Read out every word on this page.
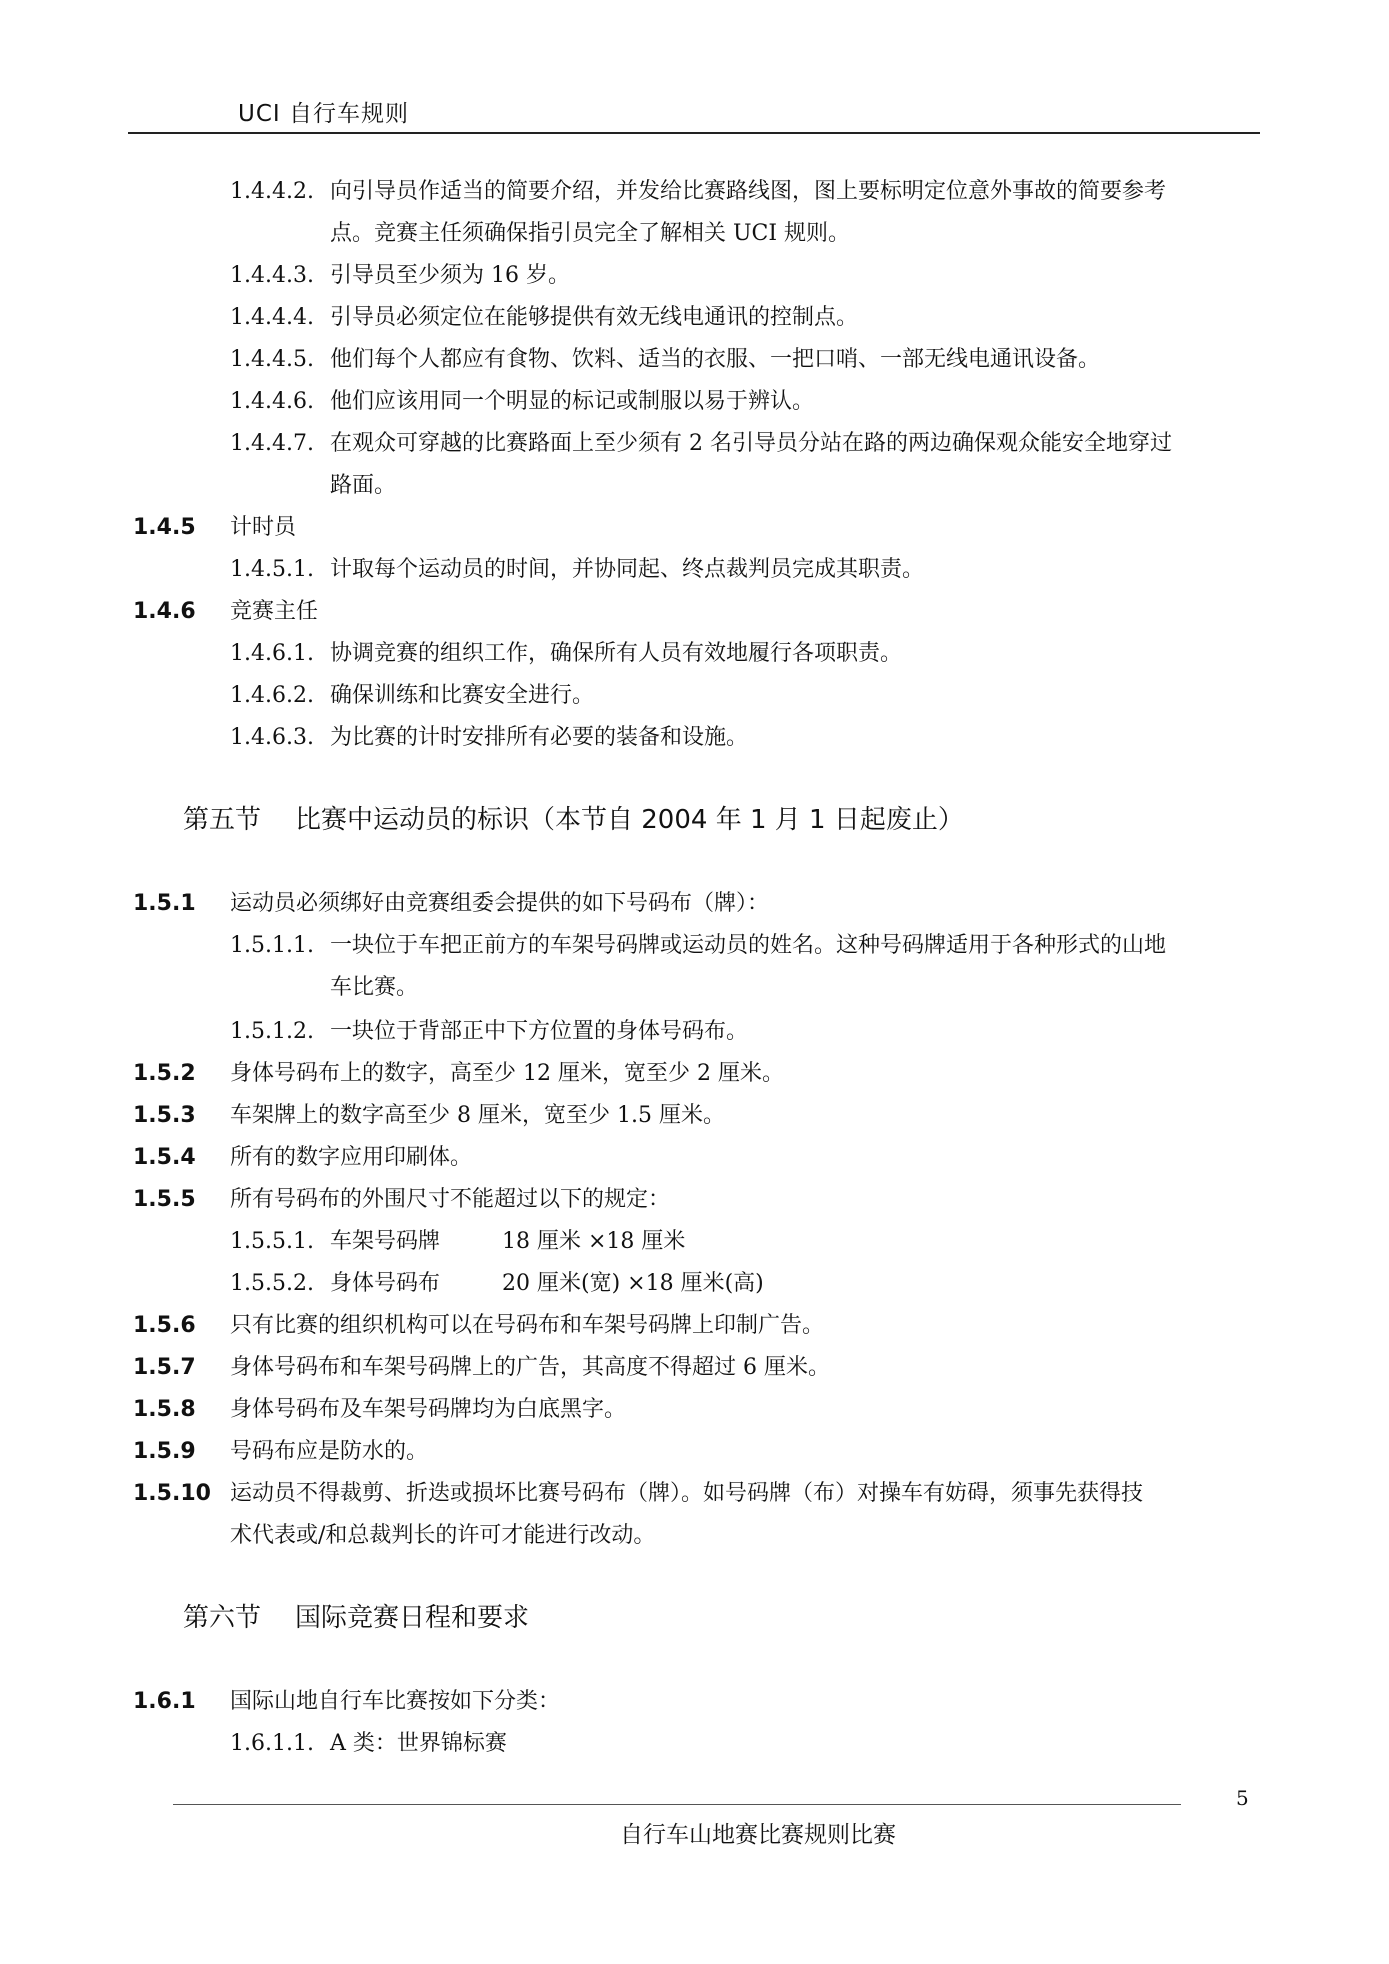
UCI 自行车规则
1.4.4.2. 向引导员作适当的简要介绍，并发给比赛路线图，图上要标明定位意外事故的简要参考
点。竞赛主任须确保指引员完全了解相关 UCI 规则。
1.4.4.3. 引导员至少须为 16 岁。
1.4.4.4. 引导员必须定位在能够提供有效无线电通讯的控制点。
1.4.4.5. 他们每个人都应有食物、饮料、适当的衣服、一把口哨、一部无线电通讯设备。
1.4.4.6. 他们应该用同一个明显的标记或制服以易于辨认。
1.4.4.7. 在观众可穿越的比赛路面上至少须有 2 名引导员分站在路的两边确保观众能安全地穿过
路面。
1.4.5 计时员
1.4.5.1. 计取每个运动员的时间，并协同起、终点裁判员完成其职责。
1.4.6 竞赛主任
1.4.6.1. 协调竞赛的组织工作，确保所有人员有效地履行各项职责。
1.4.6.2. 确保训练和比赛安全进行。
1.4.6.3. 为比赛的计时安排所有必要的装备和设施。
第五节 比赛中运动员的标识（本节自 2004 年 1 月 1 日起废止）
1.5.1 运动员必须绑好由竞赛组委会提供的如下号码布（牌）：
1.5.1.1. 一块位于车把正前方的车架号码牌或运动员的姓名。这种号码牌适用于各种形式的山地
车比赛。
1.5.1.2. 一块位于背部正中下方位置的身体号码布。
1.5.2 身体号码布上的数字，高至少 12 厘米，宽至少 2 厘米。
1.5.3 车架牌上的数字高至少 8 厘米，宽至少 1.5 厘米。
1.5.4 所有的数字应用印刷体。
1.5.5 所有号码布的外围尺寸不能超过以下的规定：
1.5.5.1. 车架号码牌	18 厘米 ×18 厘米
1.5.5.2. 身体号码布	20 厘米(宽) ×18 厘米(高)
1.5.6 只有比赛的组织机构可以在号码布和车架号码牌上印制广告。
1.5.7 身体号码布和车架号码牌上的广告，其高度不得超过 6 厘米。
1.5.8 身体号码布及车架号码牌均为白底黑字。
1.5.9 号码布应是防水的。
1.5.10 运动员不得裁剪、折迭或损坏比赛号码布（牌）。如号码牌（布）对操车有妨碍，须事先获得技
术代表或/和总裁判长的许可才能进行改动。
第六节 国际竞赛日程和要求
1.6.1 国际山地自行车比赛按如下分类：
1.6.1.1. A 类：世界锦标赛
5
自行车山地赛比赛规则比赛
